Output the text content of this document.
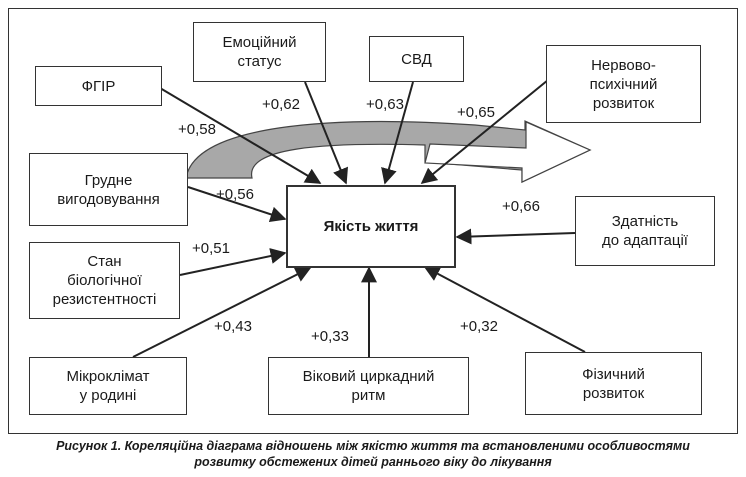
ФГІР
Емоційний
статус	СВД	Нервово-
психічний
розвиток
Грудне
вигодовування
Якість життя	Здатність
до адаптації
Стан
біологічної
резистентності
Мікроклімат
у родині
Віковий циркадний
ритм
Фізичний
розвиток
+0,58
+0,62	+0,63	+0,65
+0,56
+0,66
+0,51
+0,43
+0,33
+0,32
Рисунок 1. Кореляційна діаграма відношень між якістю життя та встановленими особливостями
розвитку обстежених дітей раннього віку до лікування
